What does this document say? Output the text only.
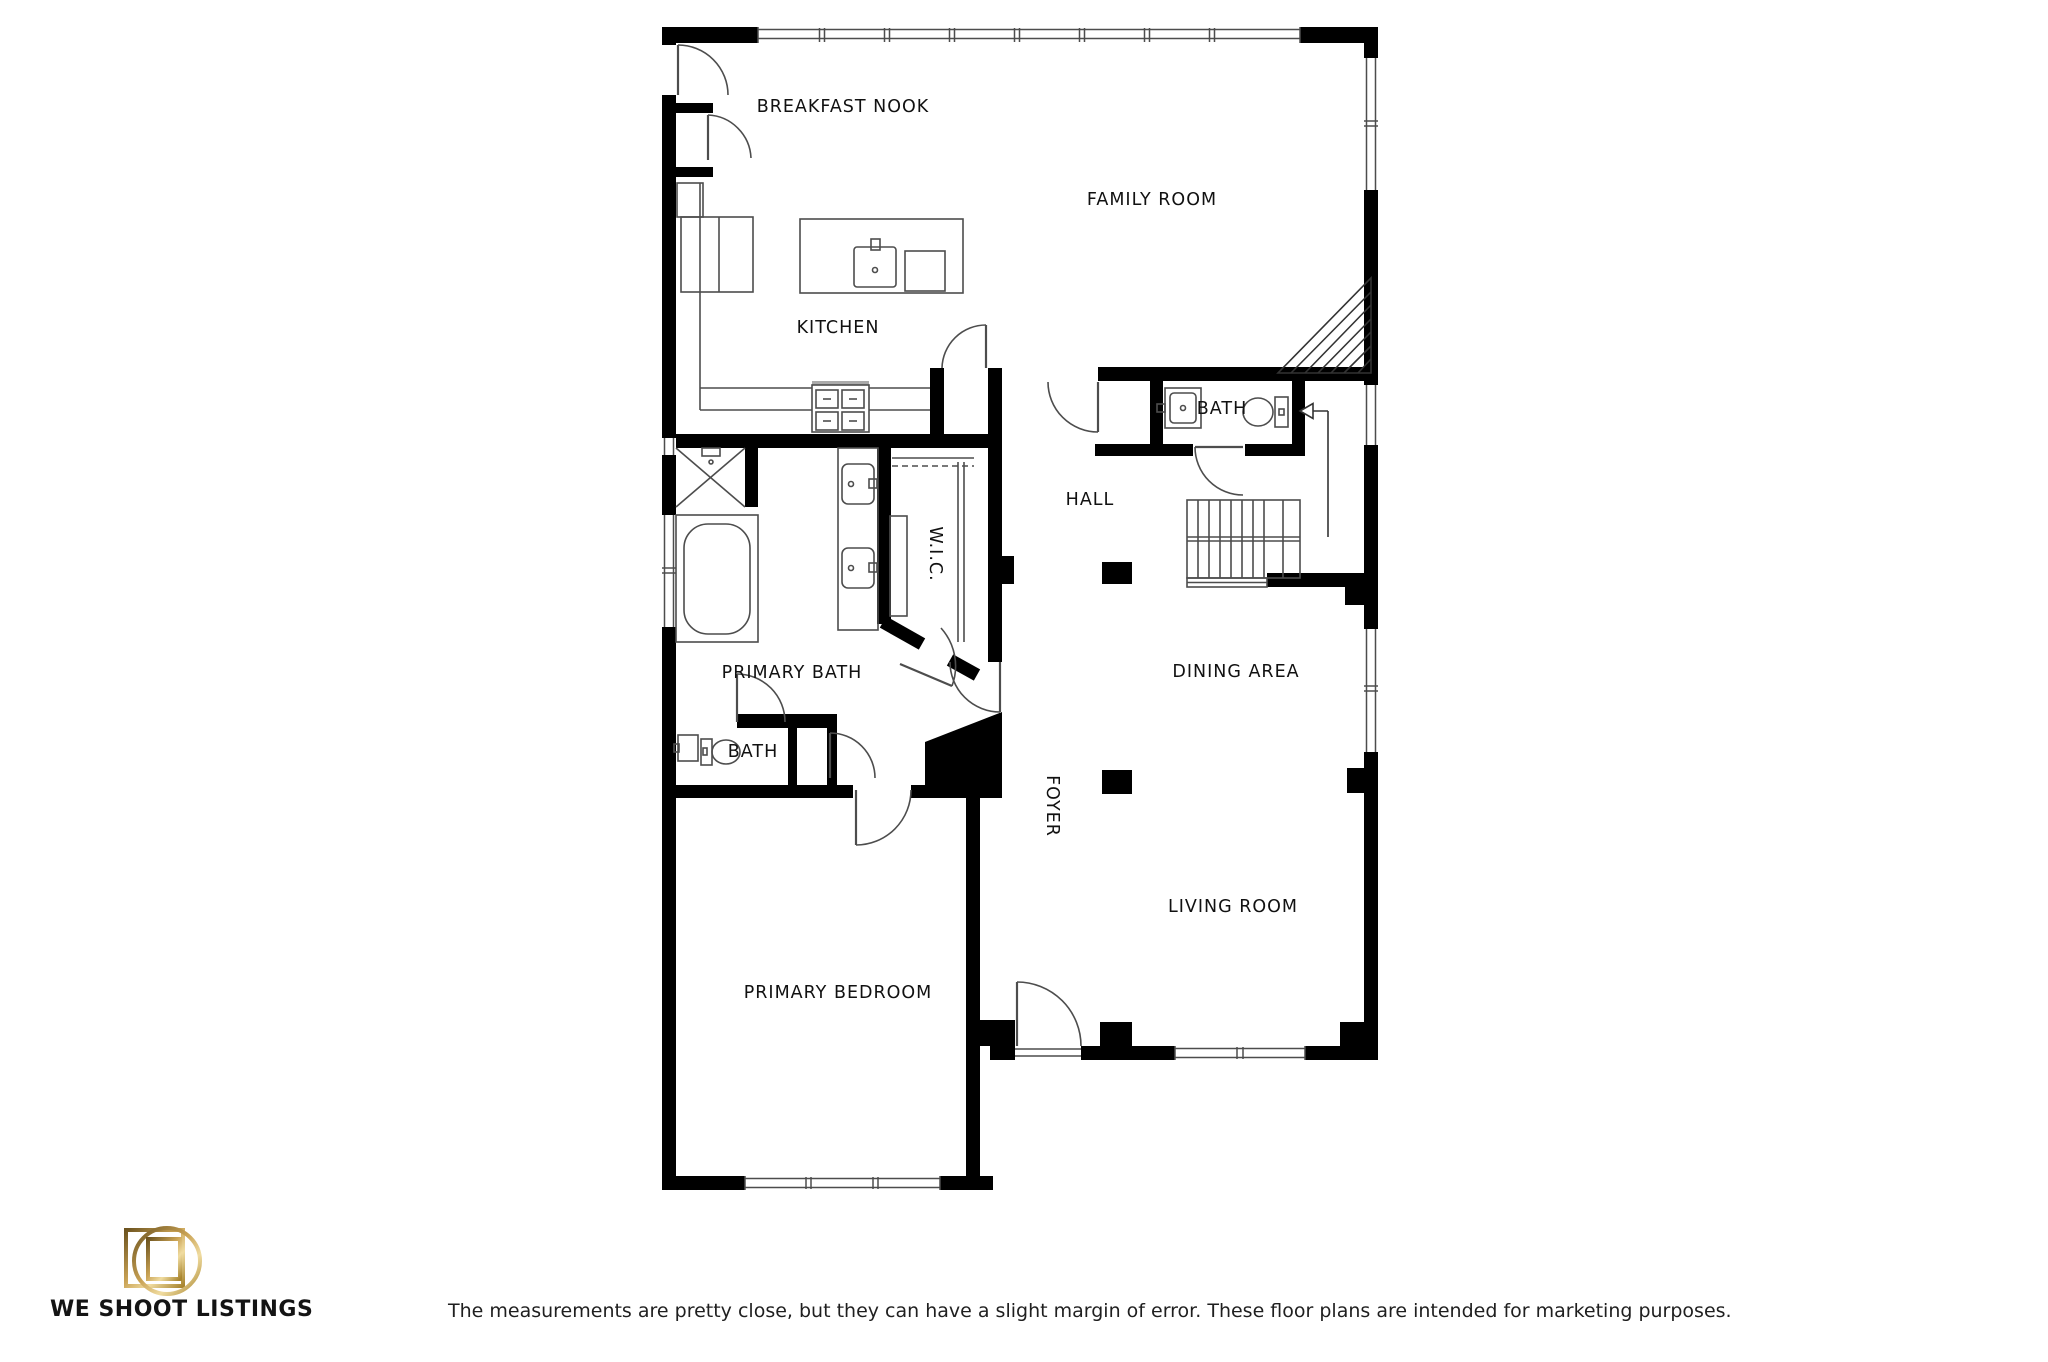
BREAKFAST NOOK
FAMILY ROOM
KITCHEN
BATH
HALL
W.I.C.
DINING AREA
PRIMARY BATH
BATH
FOYER
LIVING ROOM
PRIMARY BEDROOM
WE SHOOT LISTINGS	The measurements are pretty close, but they can have a slight margin of error. These floor plans are intended for marketing purposes.
